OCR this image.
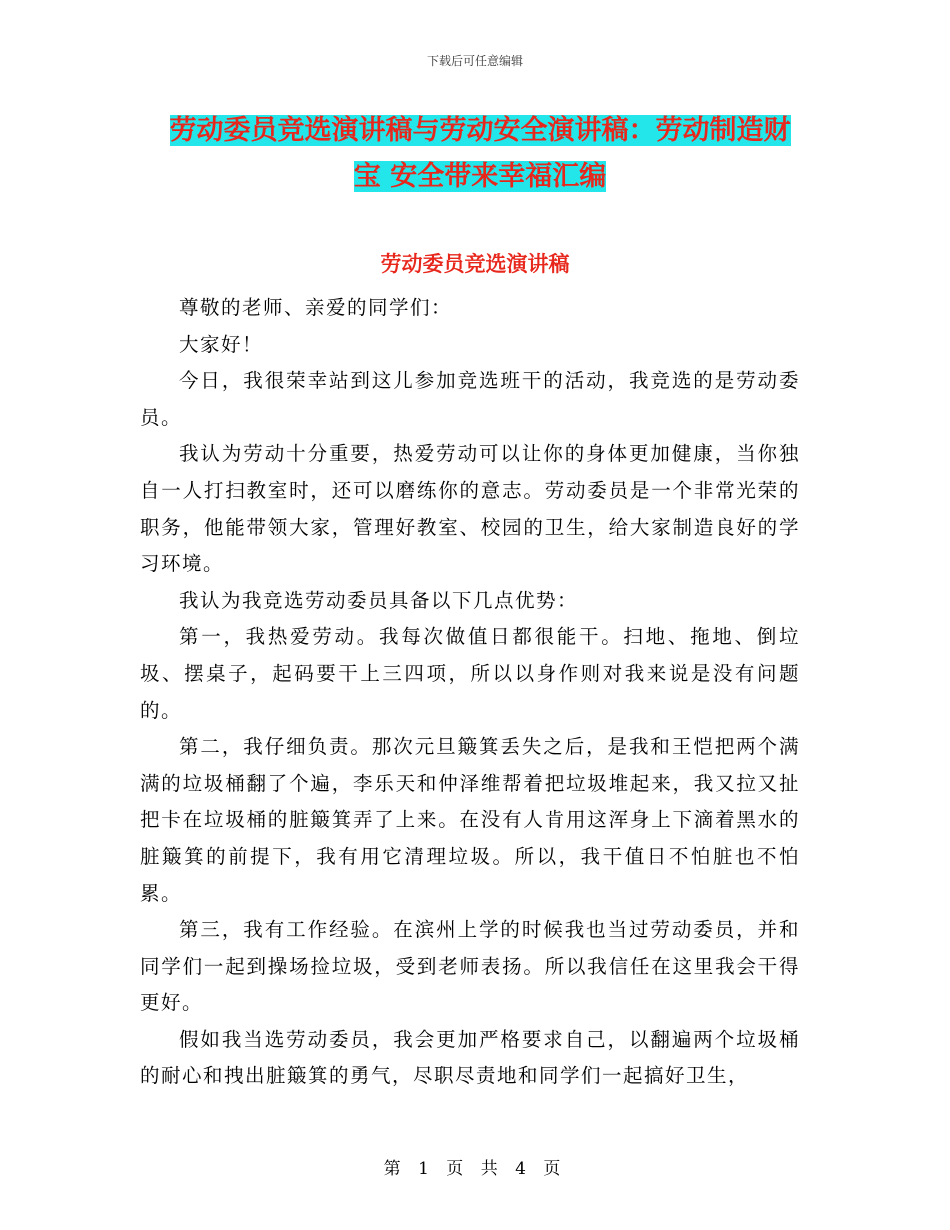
下载后可任意编辑
劳动委员竞选演讲稿与劳动安全演讲稿：劳动制造财
宝 安全带来幸福汇编
劳动委员竞选演讲稿

尊敬的老师、亲爱的同学们：

大家好！

今日，我很荣幸站到这儿参加竞选班干的活动，我竞选的是劳动委员。

我认为劳动十分重要，热爱劳动可以让你的身体更加健康，当你独自一人打扫教室时，还可以磨练你的意志。劳动委员是一个非常光荣的职务，他能带领大家，管理好教室、校园的卫生，给大家制造良好的学习环境。

我认为我竞选劳动委员具备以下几点优势：

第一，我热爱劳动。我每次做值日都很能干。扫地、拖地、倒垃圾、摆桌子，起码要干上三四项，所以以身作则对我来说是没有问题的。

第二，我仔细负责。那次元旦簸箕丢失之后，是我和王恺把两个满满的垃圾桶翻了个遍，李乐天和仲泽维帮着把垃圾堆起来，我又拉又扯把卡在垃圾桶的脏簸箕弄了上来。在没有人肯用这浑身上下滴着黑水的脏簸箕的前提下，我有用它清理垃圾。所以，我干值日不怕脏也不怕累。

第三，我有工作经验。在滨州上学的时候我也当过劳动委员，并和同学们一起到操场捡垃圾，受到老师表扬。所以我信任在这里我会干得更好。

假如我当选劳动委员，我会更加严格要求自己，以翻遍两个垃圾桶的耐心和拽出脏簸箕的勇气，尽职尽责地和同学们一起搞好卫生，

第 1 页 共 4 页
